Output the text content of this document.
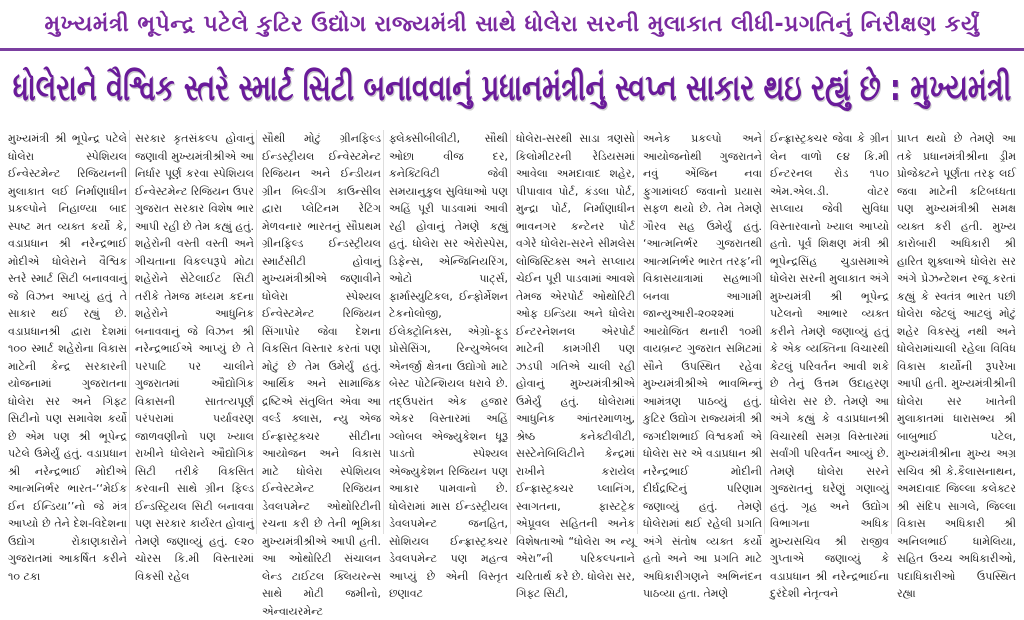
મુખ્યમંત્રી ભૂપેન્દ્ર પટેલે કુટિર ઉદ્યોગ રાજ્યમંત્રી સાથે ધોલેરા સરની મુલાકાત લીધી-પ્રગતિનું નિરીક્ષણ કર્યું
ધોલેરાને વૈશ્વિક સ્તરે સ્માર્ટ સિટી બનાવવાનું પ્રધાનમંત્રીનું સ્વપ્ન સાકાર થઇ રહ્યું છે : મુખ્યમંત્રી
મુખ્યમંત્રી શ્રી ભૂપેન્દ્ર પટેલે ધોલેરા સ્પેશિયલ ઈન્વેસ્ટમેન્ટ રિજિયનની મુલાકાત લઈ નિર્માણાધીન પ્રકલ્પોને નિહાળ્યા બાદ સ્પષ્ટ મત વ્યક્ત કર્યો કે, વડાપ્રધાન શ્રી નરેન્દ્રભાઈ મોદીએ ધોલેરાને વૈશ્વિક સ્તરે સ્માર્ટ સિટી બનાવવાનું જે વિઝન આપ્યું હતું તે સાકાર થઈ રહ્યું છે. વડાપ્રધાનશ્રી દ્વારા દેશમાં ૧૦૦ સ્માર્ટ શહેરોના વિકાસ માટેની કેન્દ્ર સરકારની યોજનામાં ગુજરાતના ધોલેરા સર અને ગિફ્ટ સિટીનો પણ સમાવેશ કર્યો છે એમ પણ શ્રી ભૂપેન્દ્ર પટેલે ઉમેર્યું હતું. વડાપ્રધાન શ્રી નરેન્દ્રભાઈ મોદીએ આત્મનિર્ભર ભારત-‘‘મેઈક ઈન ઈન્ડિયા’’નો જે મંત્ર આપ્યો છે તેને દેશ-વિદેશના ઉદ્યોગ રોકાણકારોને ગુજરાતમાં આકર્ષિત કરીને ૧૦ ટકા
સરકાર કૃતસંકલ્પ હોવાનું જણાવી મુખ્યમંત્રીશ્રીએ આ નિર્ધાર પૂર્ણ કરવા સ્પેશિયલ ઈન્વેસ્ટમેન્ટ રિજિયન ઉપર ગુજરાત સરકાર વિશેષ ભાર આપી રહી છે તેમ કહ્યું હતું. શહેરોની વસ્તી વસ્તી અને ગીચતાના વિકલ્પરૂપે મોટા શહેરોને સેટેલાઈટ સિટી તરીકે તેમજ મધ્યમ કદના શહેરોને આધુનિક બનાવવાનું જે વિઝન શ્રી નરેન્દ્રભાઈએ આપ્યું છે તે પરપાટિ પર ચાલીને ગુજરાતમાં ઔદ્યોગિક વિકાસની સાતત્યપૂર્ણ પરંપરામાં પર્યાવરણ જાળવણીનો પણ ખ્યાલ રાખીને ધોલેરાને ઔદ્યોગિક સિટી તરીકે વિકસિત કરવાની સાથે ગ્રીન ફિલ્ડ ઈન્ડસ્ટ્રિયલ સિટી બનાવવા પણ સરકાર કાર્યરત હોવાનું તેમણે જણાવ્યું હતું. ૯૨૦ ચોરસ કિ.મી વિસ્તારમાં વિકસી રહેલ
સૌથી મોટું ગ્રીનફિલ્ડ ઈન્ડસ્ટ્રીયલ ઈન્વેસ્ટમેન્ટ રિજિયન અને ઈન્ડીયન ગ્રીન બિલ્ડીંગ કાઉન્સીલ દ્વારા પ્લેટિનમ રેટિંગ મેળવનાર ભારતનું સૌપ્રથમ ગ્રીનફિલ્ડ ઈન્ડસ્ટ્રીયલ સ્માર્ટસીટી હોવાનું મુખ્યમંત્રીશ્રીએ જણાવીને ધોલેરા સ્પેશ્યલ ઈન્વેસ્ટમેન્ટ રિજિયન સિંગાપોર જેવા દેશના વિકસિત વિસ્તાર કરતાં પણ મોટું છે તેમ ઉમેર્યું હતું. આર્થિક અને સામાજિક દ્રષ્ટિએ સંતુલિત એવા આ વર્લ્ડ ક્લાસ, ન્યુ એજ ઈન્ફ્રાસ્ટ્રક્ચર સીટીના આયોજન અને વિકાસ માટે ધોલેરા સ્પેશિયલ ઈન્વેસ્ટમેન્ટ રિજિયન ડેવલપમેન્ટ ઓથોરિટીની રચના કરી છે તેની ભૂમિકા મુખ્યમંત્રીશ્રીએ આપી હતી. આ ઓથોરિટી સંચાલન લેન્ડ ટાઈટલ ક્લિયરન્સ સાથે મોટી જમીનો, એન્વાયરમેન્ટ
ફ્લેક્સીબીલીટી, સૌથી ઓછા વીજ દર, કનેક્ટિવિટી જેવી સમયાનુકુલ સુવિધાઓ પણ અહિં પૂરી પાડવામાં આવી રહી હોવાનું તેમણે કહ્યું હતું. ધોલેરા સર એરોસ્પેસ, ડિફેન્સ, એન્જિનિયરિંગ, ઓટો પાર્ટ્સ, ફાર્માસ્યુટિકલ, ઈન્ફોર્મેશન ટેકનોલોજી, ઈલેક્ટ્રોનિક્સ, એગ્રો-ફૂડ પ્રોસેસિંગ, રિન્યુએબલ એનર્જી ક્ષેત્રના ઉદ્યોગો માટે બેસ્ટ પોટેન્શિયલ ધરાવે છે. તદ્ઉપરાંત એક હજાર એકર વિસ્તારમાં અહિં ગ્લોબલ એજ્યુકેશન ધૂરૂ પાડતો સ્પેશ્યલ એજ્યુકેશન રિજિયન પણ આકાર પામવાનો છે. ધોલેરામાં માસ ઈન્ડસ્ટ્રીયલ ડેવલપમેન્ટ જનહિત, સોશિયલ ઈન્ફ્રાસ્ટ્રક્ચર ડેવલપમેન્ટ પણ મહત્વ આપ્યું છે એની વિસ્તૃત છણાવટ
ધોલેરા-સરથી સાડા ત્રણસો કિલોમીટરની રેડિયસમાં આવેલા અમદાવાદ શહેર, પીપાવાવ પોર્ટ, કંડલા પોર્ટ, મુન્દ્રા પોર્ટ, નિર્માણાધીન ભાવનગર કન્ટેનર પોર્ટ વગેરે ધોલેરા-સરને સીમલેસ લોજિસ્ટિક્સ અને સપ્લાય ચેઈન પૂરી પાડવામાં આવશે તેમજ એરપોર્ટ ઓથોરિટી ઓફ ઇન્ડિયા અને ધોલેરા ઈન્ટરનેશનલ એરપોર્ટ માટેની કામગીરી પણ ઝડપી ગતિએ ચાલી રહી હોવાનું મુખ્યમંત્રીશ્રીએ ઉમેર્યું હતું. ધોલેરામાં આધુનિક આંતરમાળખુ, શ્રેષ્ઠ કનેક્ટીવીટી, સસ્ટેનેબિલિટીને કેન્દ્રમાં રાખીને કરાયેલ ઈન્ફ્રાસ્ટ્રક્ચર પ્લાનિંગ, સ્વાગતના, ફાસ્ટટ્રેક એપ્રૂવલ સહિતની અનેક વિશેષતાઓ “ધોલેરા અ ન્યૂ એરા”ની પરિકલ્પનાને ચરિતાર્થ કરે છે. ધોલેરા સર, ગિફ્ટ સિટી,
અનેક પ્રકલ્પો અને આયોજનોથી ગુજરાતને નવું એંજિન નવા ફુગામાંલઈ જવાનો પ્રયાસ સફળ થયો છે. તેમ તેમણે ગૌરવ સહ ઉમેર્યું હતું. ‘આત્મનિર્ભર ગુજરાતથી આત્મનિર્ભર ભારત તરફ’ની વિકાસયાત્રામાં સહભાગી બનવા આગામી જાન્યુઆરી-૨૦૨૨માં આયોજિત થનારી ૧૦મી વાયબ્રન્ટ ગુજરાત સમિટમાં સૌને ઉપસ્થિત રહેવા મુખ્યમંત્રીશ્રીએ ભાવભિન્નું આમંત્રણ પાઠવ્યું હતું. કુટિર ઉદ્યોગ રાજ્યમંત્રી શ્રી જગદીશભાઈ વિશ્વકર્મા એ ધોલેરા સર એ વડાપ્રધાન શ્રી નરેન્દ્રભાઈ મોદીની દીર્ઘદ્રષ્ટિનું પરિણામ જણાવ્યું હતું. તેમણે ધોલેરામાં થઈ રહેલી પ્રગતિ અંગે સંતોષ વ્યક્ત કર્યો હતો અને આ પ્રગતિ માટે અધિકારીગણને અભિનંદન પાઠવ્યા હતા. તેમણે
ઈન્ફ્રાસ્ટ્રક્ચર જેવા કે ગ્રીન લેન વાળો ૯૪ કિ.મી ઈન્ટરનલ રોડ ૧૫૦ એમ.એલ.ડી. વોટર સપ્લાય જેવી સુવિધા વિસ્તારવાનો ખ્યાલ આપ્યો હતો. પૂર્વ શિક્ષણ મંત્રી શ્રી ભૂપેન્દ્રસિંહ ચુડાસમાએ ધોલેરા સરની મુલાકાત અંગે મુખ્યમંત્રી શ્રી ભૂપેન્દ્ર પટેલનો આભાર વ્યક્ત કરીને તેમણે જણાવ્યું હતું કે એક વ્યક્તિના વિચારથી કેટલું પરિવર્તન આવી શકે છે તેનું ઉત્તમ ઉદાહરણ ધોલેરા સર છે. તેમણે આ અંગે કહ્યું કે વડાપ્રધાનશ્રી વિચારથી સમગ્ર વિસ્તારમાં સર્વાંગી પરિવર્તન આવ્યું છે. તેમણે ધોલેરા સરને ગુજરાતનું ઘરેણું ગણાવ્યું હતું. ગૃહ અને ઉદ્યોગ વિભાગના અધિક મુખ્યસચિવ શ્રી રાજીવ ગુપ્તાએ જણાવ્યું કે વડાપ્રધાન શ્રી નરેન્દ્રભાઈના દુરંદેશી નેતૃત્વને
પ્રાપ્ત થયો છે તેમણે આ તકે પ્રધાનમંત્રીશ્રીના ડ્રીમ પ્રોજેક્ટને પૂર્ણતા તરફ લઈ જવા માટેની કટિબધ્ધતા પણ મુખ્યમંત્રીશ્રી સમક્ષ વ્યક્ત કરી હતી. મુખ્ય કારોબારી અધિકારી શ્રી હારિત શુક્લાએ ધોલેરા સર અંગે પ્રેઝન્ટેશન રજૂ કરતાં કહ્યું કે સ્વતંત્ર ભારત પછી ધોલેરા જેટલું આટલું મોટું શહેર વિકસ્યું નથી અને ધોલેરામાંચાલી રહેલા વિવિધ વિકાસ કાર્યોની રૂપરેખા આપી હતી. મુખ્યમંત્રીશ્રીની ધોલેરા સર ખાતેની મુલાકાતમાં ધારાસભ્ય શ્રી બાબુભાઈ પટેલ, મુખ્યમંત્રીશ્રીના મુખ્ય અગ્ર સચિવ શ્રી કે.કૈલાસનાથન, અમદાવાદ જિલ્લા કલેક્ટર શ્રી સંદિપ સાગલે, જિલ્લા વિકાસ અધિકારી શ્રી અનિલભાઈ ધામેલિયા, સહિત ઉચ્ચ અધિકારીઓ, પદાધિકારીઓ ઉપસ્થિત રહ્યા
